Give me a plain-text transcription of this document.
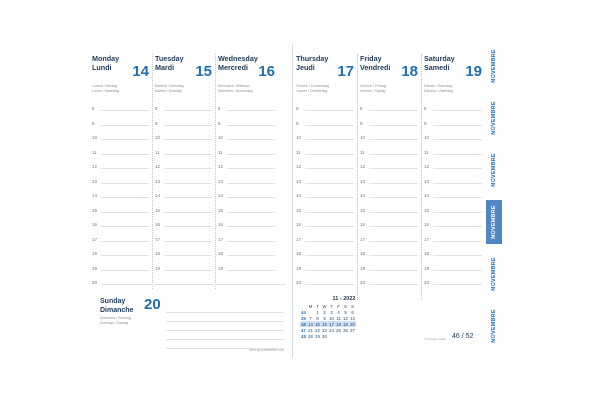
Monday
Lundi	14
Lunedì / Montag
Lunes / Maandag
8
9
10
11
12
13
14
15
16
17
18
19
Tuesday
Mardi	15
Martedì / Dienstag
Martes / Dinsdag
8
9
10
11
12
13
14
15
16
17
18
19
Wednesday
Mercredi 16
Mercoledì / Mittwoch
Miércoles / Woensdag
8
9
10
11
12
13
14
15
16
17
18
19
20
Sunday
Dimanche 20
Domenica / Sonntag
Domingo / Zondag
www.quovadisoffice.com
Thursday
Jeudi	17
Giovedì / Donnerstag
Jueves / Donderdag
8
9
10
11
12
13
14
15
16
17
18
19
20
Friday
Vendredi 18
Venerdì / Freitag
Viernes / Vrijdag
8
9
10
11
12
13
14
15
16
17
18
19
20
Saturday
Samedi	19
Sabato / Samstag
Sábado / Zaterdag
8
9
10
11
12
13
14
15
16
17
18
19
20
NOVEMBRE
NOVEMBRE
NOVEMBRE
NOVEMBRE
NOVEMBRE
NOVEMBRE
11 - 2022
	M	T	W	T	F	S	S
44		1	2	3	4	5	6
45	7	8	9	10	11	12	13
46	14	15	16	17	18	19	20
47	21	22	23	24	25	26	27
48	28	29	30				
© Pal Quo-vadis 46 / 52
